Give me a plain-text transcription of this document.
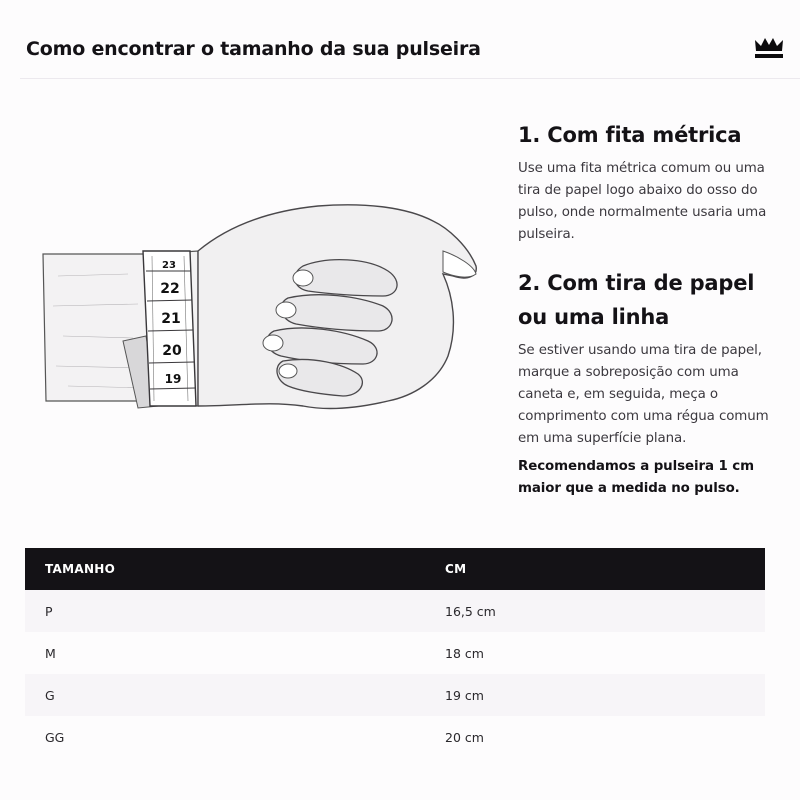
Como encontrar o tamanho da sua pulseira
23
22
21
20
19
1. Com fita métrica

Use uma fita métrica comum ou uma tira de papel logo abaixo do osso do pulso, onde normalmente usaria uma pulseira.

2. Com tira de papel ou uma linha

Se estiver usando uma tira de papel, marque a sobreposição com uma caneta e, em seguida, meça o comprimento com uma régua comum em uma superfície plana.

Recomendamos a pulseira 1 cm maior que a medida no pulso.

TAMANHO	CM
P	16,5 cm
M	18 cm
G	19 cm
GG	20 cm
